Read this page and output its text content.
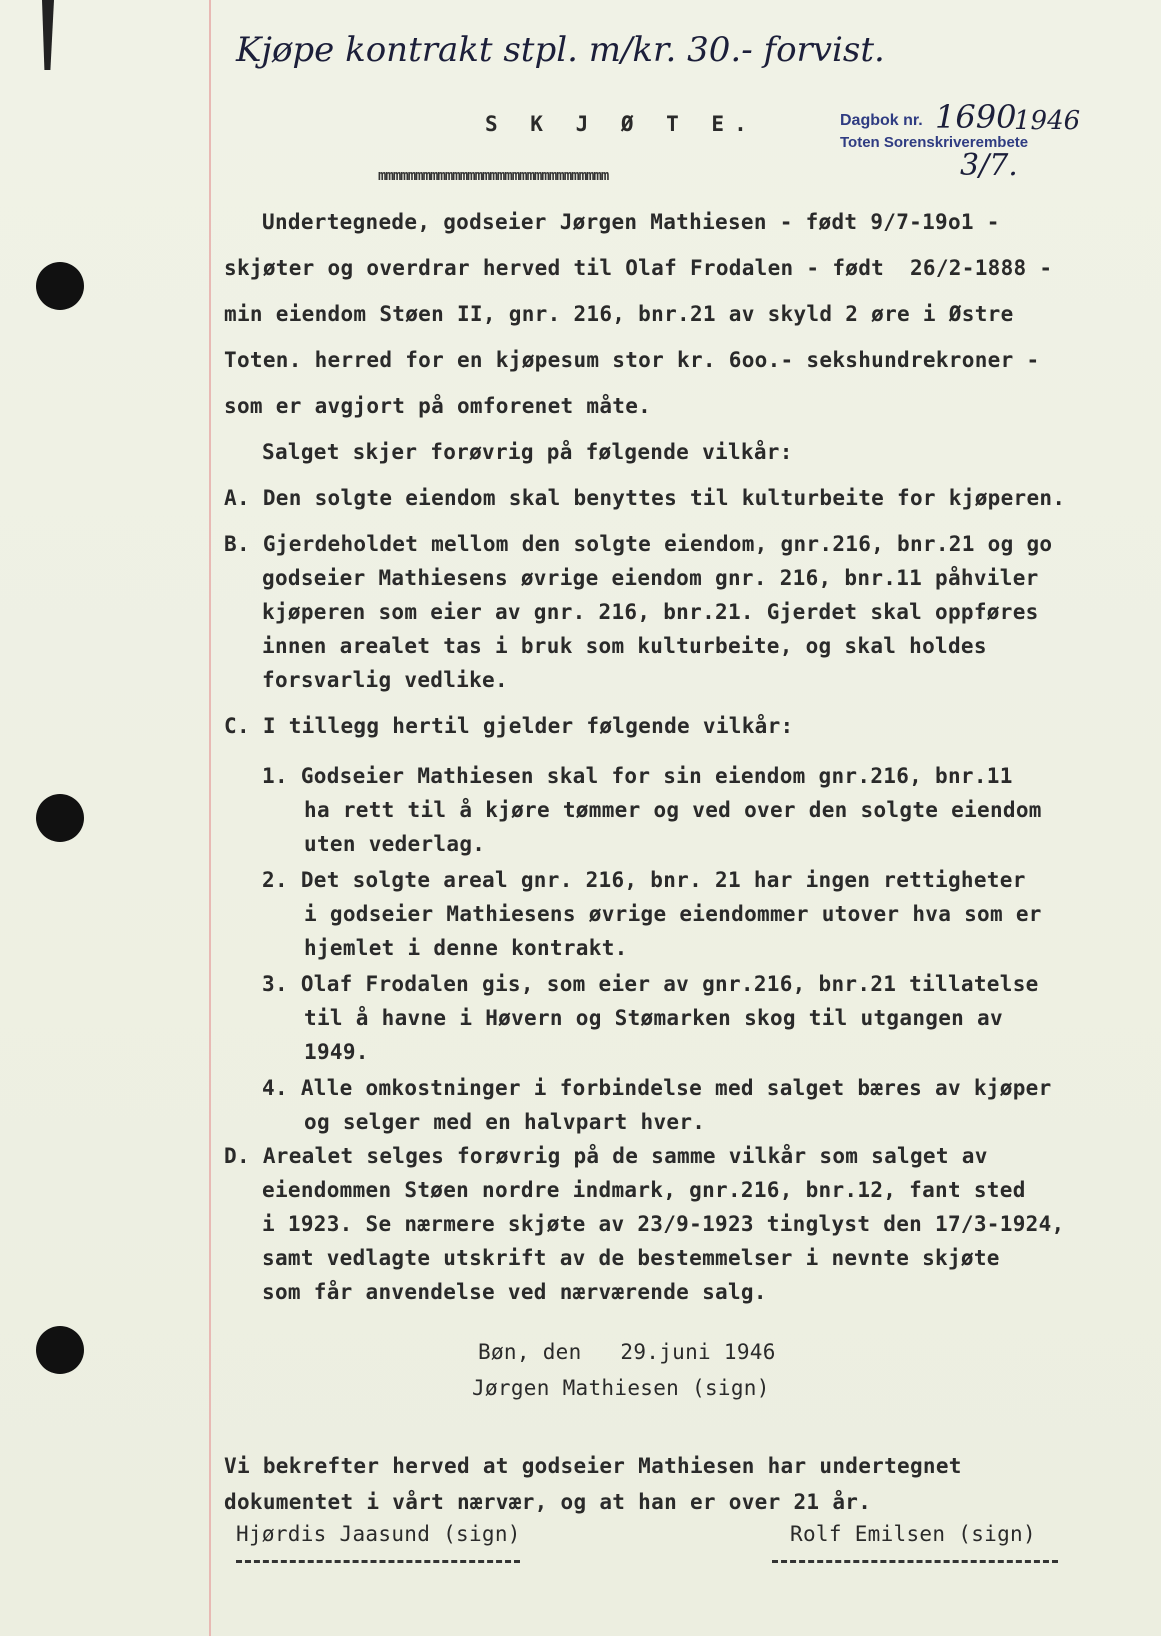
Kjøpe kontrakt stpl. m/kr. 30.- forvist.
Dagbok nr. 1690
1946
Toten Sorenskriverembete
3/7.
S K J Ø T E.
mmmmmmmmmmmmmmmmmmmmmmmmmmmmmmm
Undertegnede, godseier Jørgen Mathiesen - født 9/7-19o1 -
skjøter og overdrar herved til Olaf Frodalen - født  26/2-1888 -
min eiendom Støen II, gnr. 216, bnr.21 av skyld 2 øre i Østre
Toten. herred for en kjøpesum stor kr. 6oo.- sekshundrekroner -
som er avgjort på omforenet måte.
Salget skjer forøvrig på følgende vilkår:
A. Den solgte eiendom skal benyttes til kulturbeite for kjøperen.
B. Gjerdeholdet mellom den solgte eiendom, gnr.216, bnr.21 og go
godseier Mathiesens øvrige eiendom gnr. 216, bnr.11 påhviler
kjøperen som eier av gnr. 216, bnr.21. Gjerdet skal oppføres
innen arealet tas i bruk som kulturbeite, og skal holdes
forsvarlig vedlike.
C. I tillegg hertil gjelder følgende vilkår:
1. Godseier Mathiesen skal for sin eiendom gnr.216, bnr.11
ha rett til å kjøre tømmer og ved over den solgte eiendom
uten vederlag.
2. Det solgte areal gnr. 216, bnr. 21 har ingen rettigheter
i godseier Mathiesens øvrige eiendommer utover hva som er
hjemlet i denne kontrakt.
3. Olaf Frodalen gis, som eier av gnr.216, bnr.21 tillatelse
til å havne i Høvern og Stømarken skog til utgangen av
1949.
4. Alle omkostninger i forbindelse med salget bæres av kjøper
og selger med en halvpart hver.
D. Arealet selges forøvrig på de samme vilkår som salget av
eiendommen Støen nordre indmark, gnr.216, bnr.12, fant sted
i 1923. Se nærmere skjøte av 23/9-1923 tinglyst den 17/3-1924,
samt vedlagte utskrift av de bestemmelser i nevnte skjøte
som får anvendelse ved nærværende salg.
Bøn, den   29.juni 1946
Jørgen Mathiesen (sign)
Vi bekrefter herved at godseier Mathiesen har undertegnet
dokumentet i vårt nærvær, og at han er over 21 år.
Hjørdis Jaasund (sign)	Rolf Emilsen (sign)
